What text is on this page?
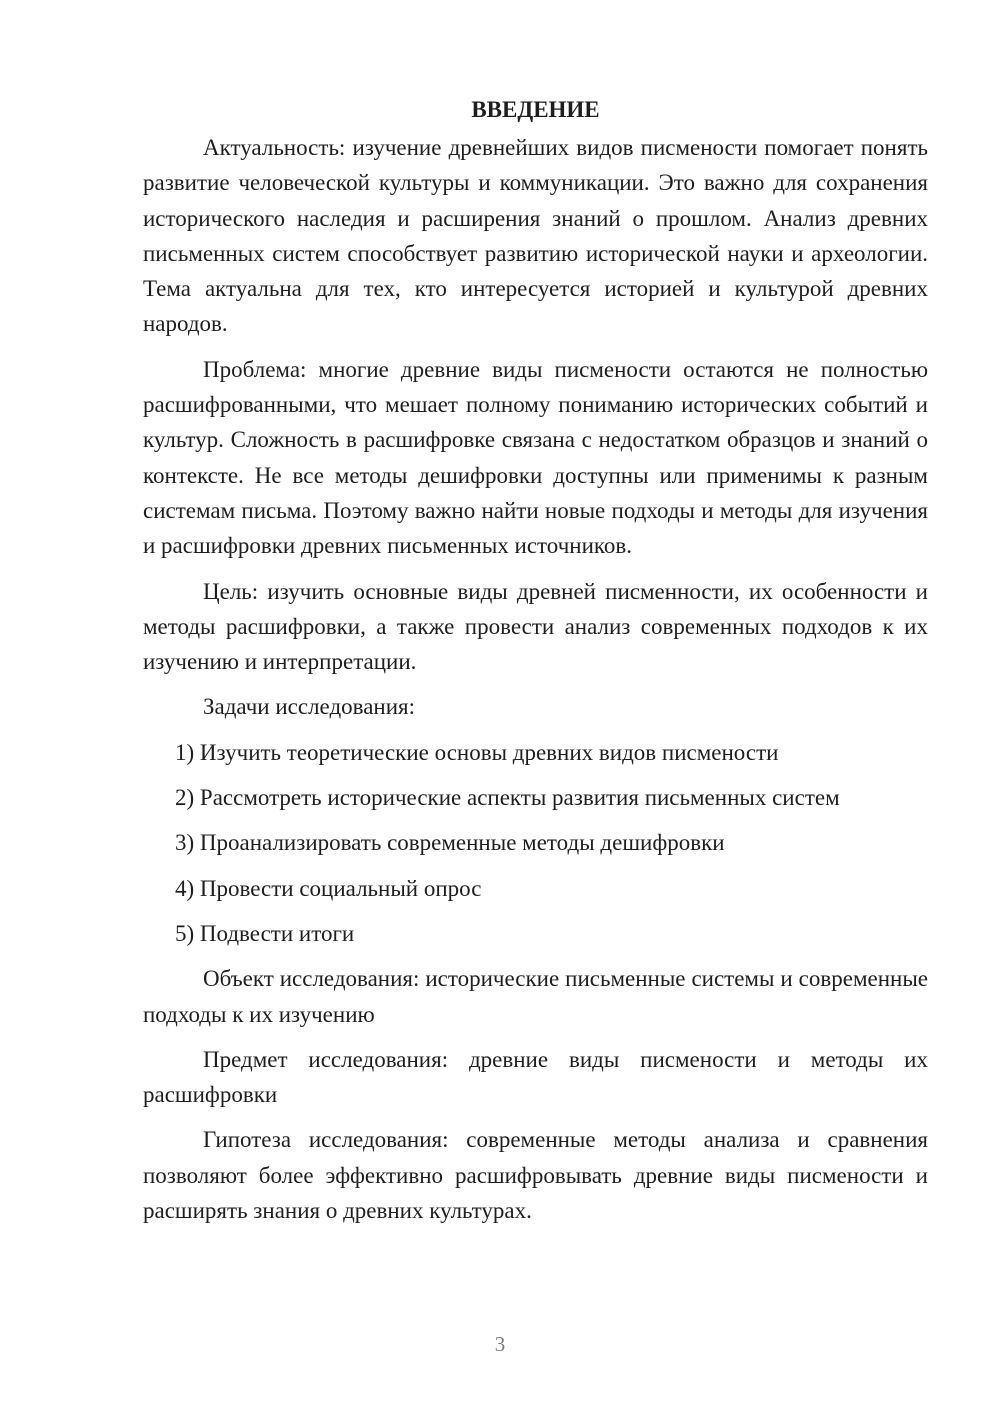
ВВЕДЕНИЕ

Актуальность: изучение древнейших видов писмености помогает понять развитие человеческой культуры и коммуникации. Это важно для сохранения исторического наследия и расширения знаний о прошлом. Анализ древних письменных систем способствует развитию исторической науки и археологии. Тема актуальна для тех, кто интересуется историей и культурой древних народов.

Проблема: многие древние виды писмености остаются не полностью расшифрованными, что мешает полному пониманию исторических событий и культур. Сложность в расшифровке связана с недостатком образцов и знаний о контексте. Не все методы дешифровки доступны или применимы к разным системам письма. Поэтому важно найти новые подходы и методы для изучения и расшифровки древних письменных источников.

Цель: изучить основные виды древней писменности, их особенности и методы расшифровки, а также провести анализ современных подходов к их изучению и интерпретации.

Задачи исследования:

1) Изучить теоретические основы древних видов писмености

2) Рассмотреть исторические аспекты развития письменных систем

3) Проанализировать современные методы дешифровки

4) Провести социальный опрос

5) Подвести итоги

Объект исследования: исторические письменные системы и современные подходы к их изучению

Предмет исследования: древние виды писмености и методы их расшифровки

Гипотеза исследования: современные методы анализа и сравнения позволяют более эффективно расшифровывать древние виды писмености и расширять знания о древних культурах.

3
